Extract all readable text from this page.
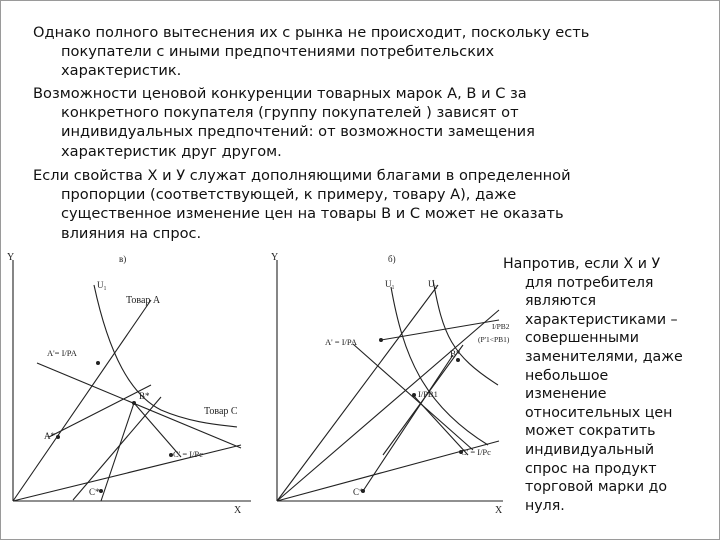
Однако полного вытеснения их с рынка не происходит, поскольку есть
покупатели с иными предпочтениями потребительских
характеристик.
Возможности ценовой конкуренции товарных марок А, В и С за
конкретного покупателя (группу покупателей ) зависят от
индивидуальных предпочтений: от возможности замещения
характеристик друг другом.
Если свойства Х и У служат дополняющими благами в определенной
пропорции (соответствующей, к примеру, товару А), даже
существенное изменение цен на товары В и С может не оказать
влияния на спрос.
Y
X
в)
U₁
Товар А
Товар С
A'= I/PA
B*
A*
C' = I/Pc
C*
Y
X
б)
U₁	U₂
A' = I/PA
I/PB2
(P'1<PB1)
B*
I/PB1
C' = I/Pc
C*
Напротив, если Х и У
для потребителя
являются
характеристиками –
совершенными
заменителями, даже
небольшое
изменение
относительных цен
может сократить
индивидуальный
спрос на продукт
торговой марки до
нуля.
